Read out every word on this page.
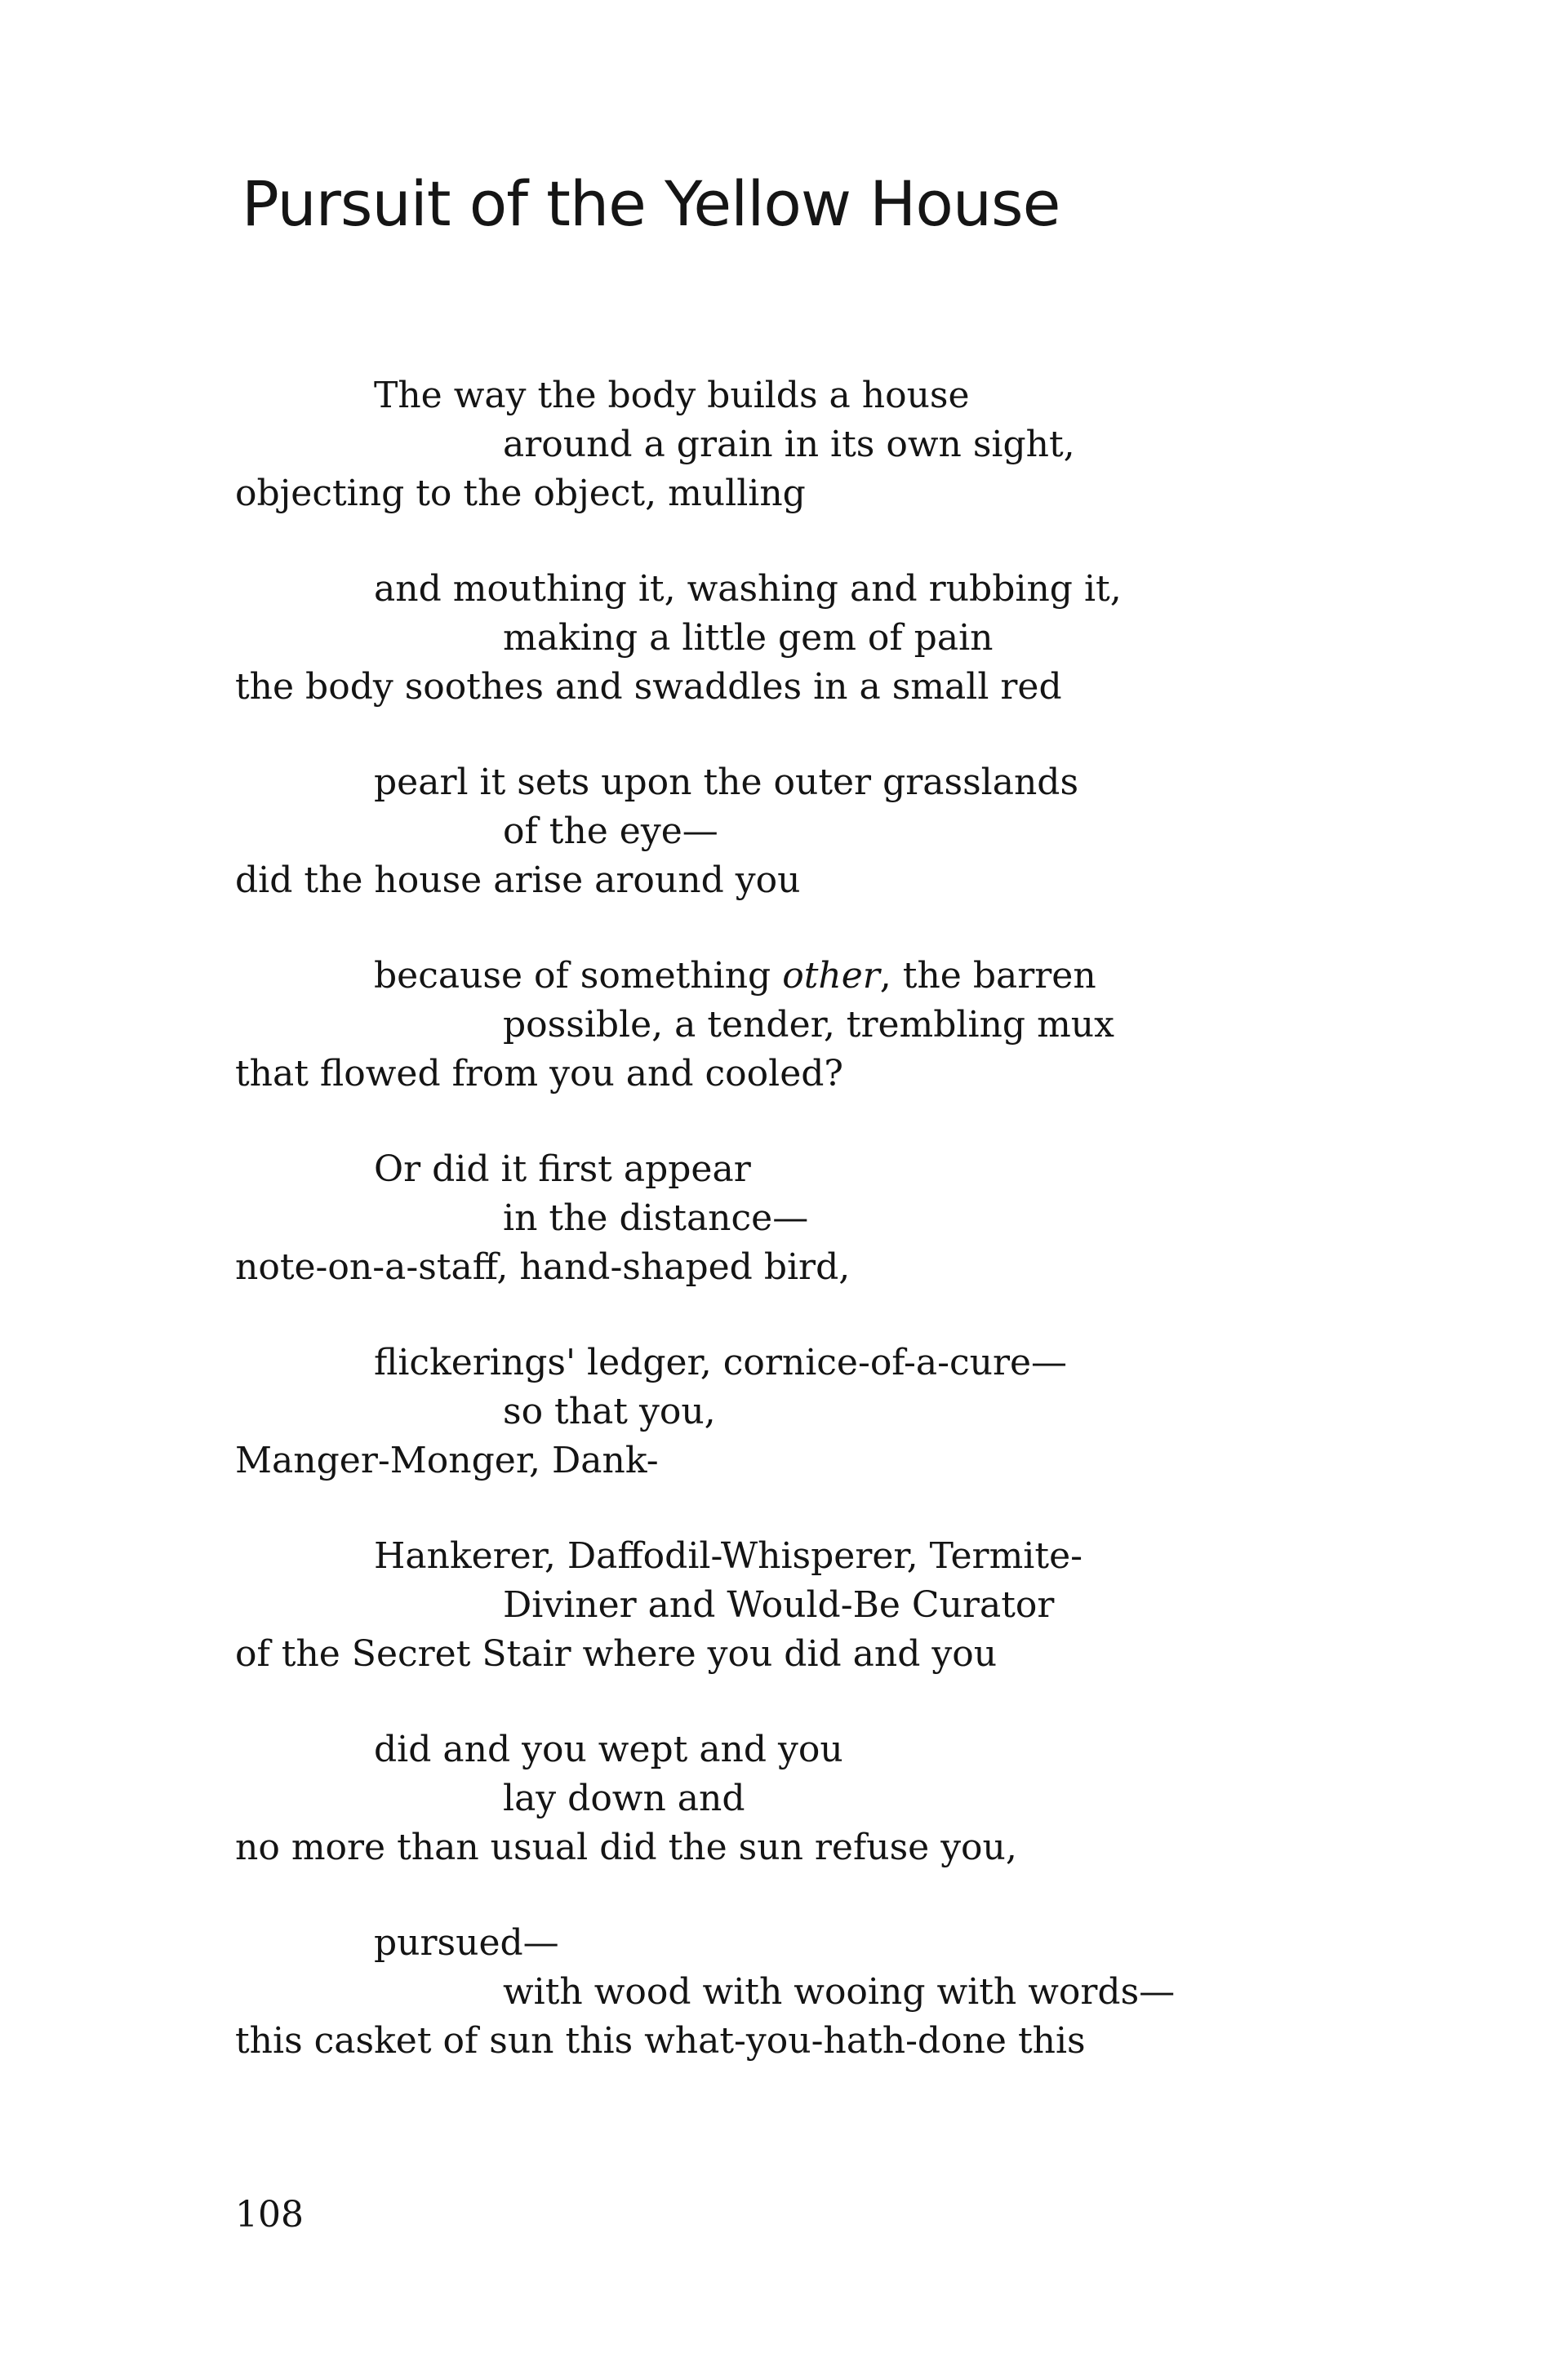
Pursuit of the Yellow House
The way the body builds a house
around a grain in its own sight,
objecting to the object, mulling
and mouthing it, washing and rubbing it,
making a little gem of pain
the body soothes and swaddles in a small red
pearl it sets upon the outer grasslands
of the eye—
did the house arise around you
because of something other, the barren
possible, a tender, trembling mux
that flowed from you and cooled?
Or did it first appear
in the distance—
note-on-a-staff, hand-shaped bird,
flickerings' ledger, cornice-of-a-cure—
so that you,
Manger-Monger, Dank-
Hankerer, Daffodil-Whisperer, Termite-
Diviner and Would-Be Curator
of the Secret Stair where you did and you
did and you wept and you
lay down and
no more than usual did the sun refuse you,
pursued—
with wood with wooing with words—
this casket of sun this what-you-hath-done this
108
